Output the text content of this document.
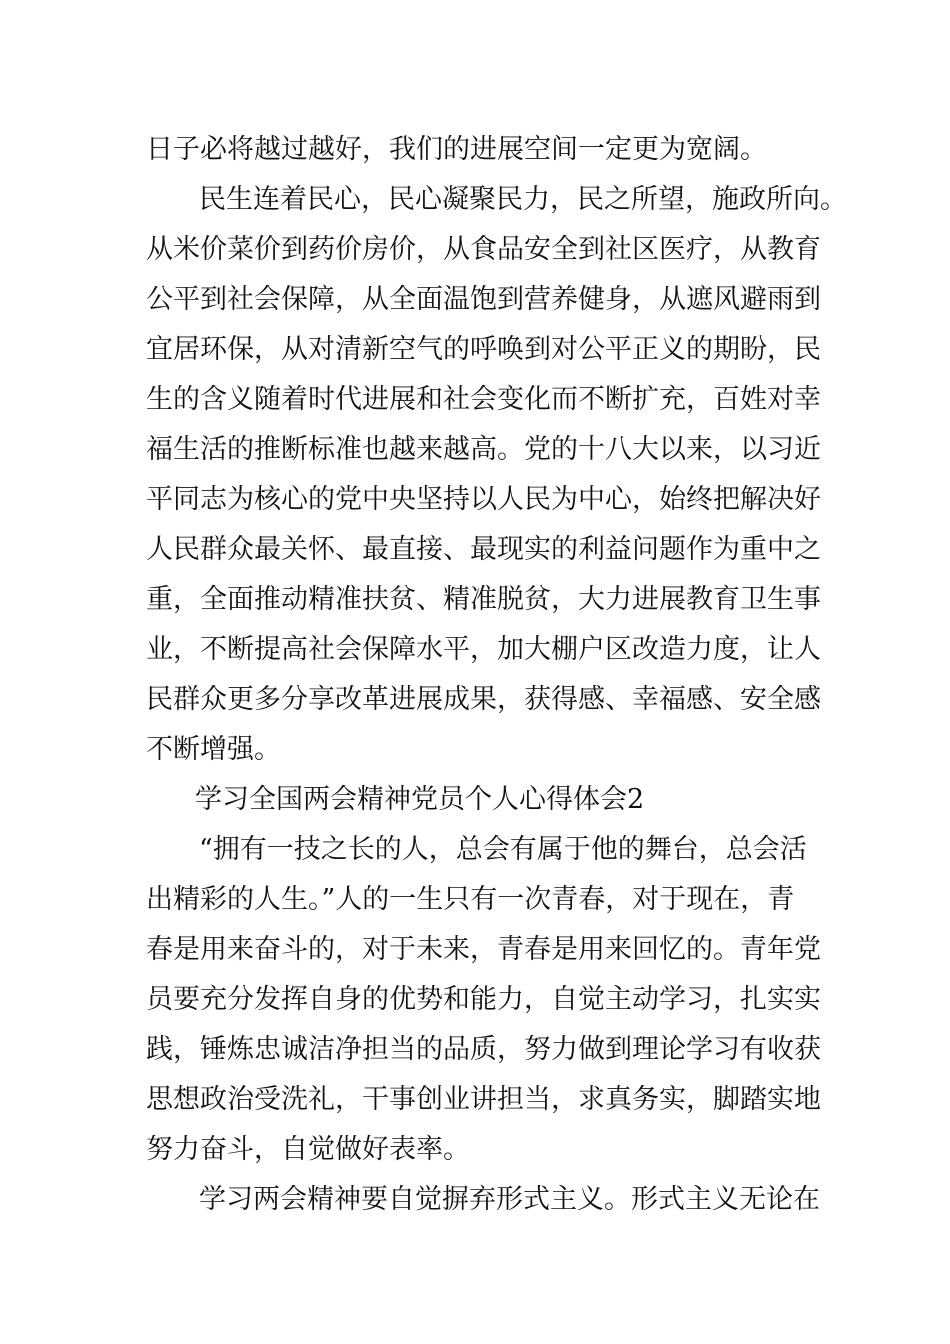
日子必将越过越好，我们的进展空间一定更为宽阔。
　民生连着民心，民心凝聚民力，民之所望，施政所向。
从米价菜价到药价房价，从食品安全到社区医疗，从教育
公平到社会保障，从全面温饱到营养健身，从遮风避雨到
宜居环保，从对清新空气的呼唤到对公平正义的期盼，民
生的含义随着时代进展和社会变化而不断扩充，百姓对幸
福生活的推断标准也越来越高。党的十八大以来，以习近
平同志为核心的党中央坚持以人民为中心，始终把解决好
人民群众最关怀、最直接、最现实的利益问题作为重中之
重，全面推动精准扶贫、精准脱贫，大力进展教育卫生事
业，不断提高社会保障水平，加大棚户区改造力度，让人
民群众更多分享改革进展成果，获得感、幸福感、安全感
不断增强。
　学习全国两会精神党员个人心得体会2
　“拥有一技之长的人，总会有属于他的舞台，总会活
出精彩的人生。”人的一生只有一次青春，对于现在，青
春是用来奋斗的，对于未来，青春是用来回忆的。青年党
员要充分发挥自身的优势和能力，自觉主动学习，扎实实
践，锤炼忠诚洁净担当的品质，努力做到理论学习有收获
思想政治受洗礼，干事创业讲担当，求真务实，脚踏实地
努力奋斗，自觉做好表率。
　学习两会精神要自觉摒弃形式主义。形式主义无论在
